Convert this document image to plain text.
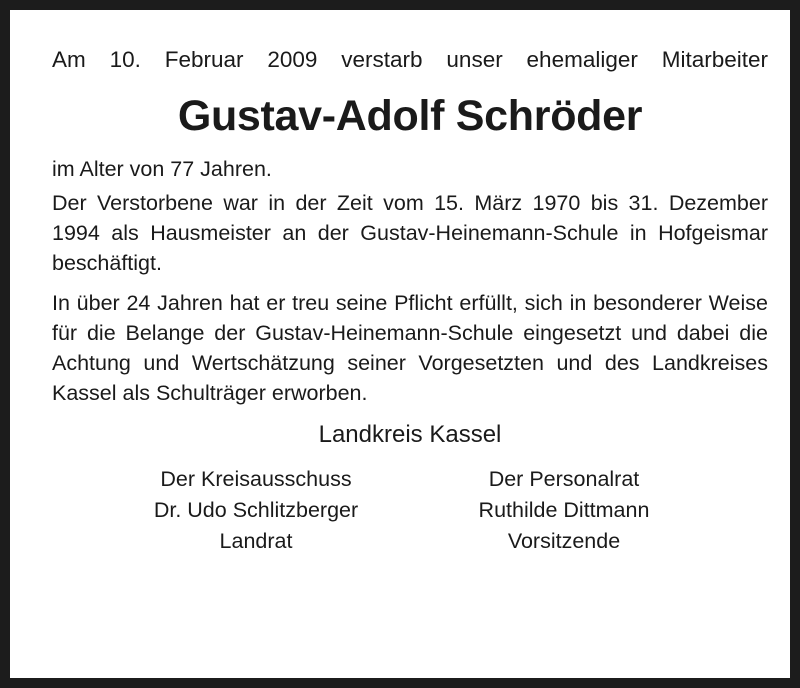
Am 10. Februar 2009 verstarb unser ehemaliger Mitarbeiter

Gustav-Adolf Schröder

im Alter von 77 Jahren.

Der Verstorbene war in der Zeit vom 15. März 1970 bis 31. Dezember 1994 als Hausmeister an der Gustav-Heinemann-Schule in Hofgeismar beschäftigt.

In über 24 Jahren hat er treu seine Pflicht erfüllt, sich in besonderer Weise für die Belange der Gustav-Heinemann-Schule eingesetzt und dabei die Achtung und Wertschätzung seiner Vorgesetzten und des Landkreises Kassel als Schulträger erworben.

Landkreis Kassel
Der Kreisausschuss
Dr. Udo Schlitzberger
Landrat
Der Personalrat
Ruthilde Dittmann
Vorsitzende
